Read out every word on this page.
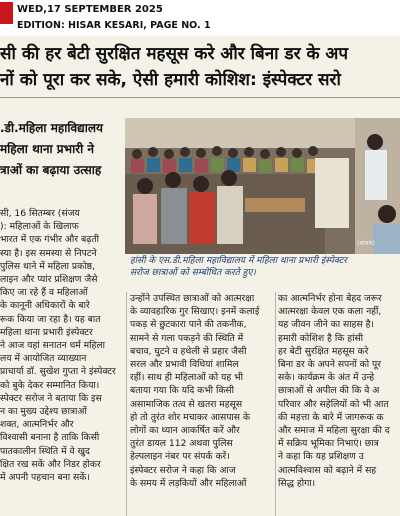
WED,17 SEPTEMBER 2025
EDITION: HISAR KESARI, PAGE NO. 1
सी की हर बेटी सुरक्षित महसूस करे और बिना डर के अप
नों को पूरा कर सके, ऐसी हमारी कोशिश: इंस्पेक्टर सरो
.डी.महिला महाविद्यालय
महिला थाना प्रभारी ने
त्राओं का बढ़ाया उत्साह
(संजय)
हांसी के एस.डी.महिला महाविद्यालय में महिला थाना प्रभारी इंस्पेक्टर
सरोज छात्राओं को सम्बोधित करते हुए।
सी, 16 सितम्बर (संजय
): महिलाओं के खिलाफ
भारत में एक गंभीर और बढ़ती
स्या है। इस समस्या से निपटने
पुलिस थाने में महिला प्रकोष्ठ,
लाइन और प्यांर प्रशिक्षण जैसे
किए जा रहे हैं व महिलाओं
के कानूनी अधिकारों के बारे
रूक किया जा रहा है। यह बात
महिला थाना प्रभारी इंस्पेक्टर
ने आज यहां सनातन धर्म महिला
लय में आयोजित व्याख्यान
प्राचार्या डॉ. सुखेश गुप्ता ने इंस्पेक्टर
को बुके देकर सम्मानित किया।
स्पेक्टर सरोज ने बताया कि इस
न का मुख्य उद्देश्य छात्राओं
शक्त, आत्मनिर्भर और
विश्वासी बनाना है ताकि किसी
पातकालीन स्थिति में वे खुद
क्षित रख सकें और निडर होकर
में अपनी पहचान बना सकें।
उन्होंने उपस्थित छात्राओं को आत्मरक्षा
के व्यावहारिक गुर सिखाए। इनमें कलाई
पकड़ से छुटकारा पाने की तकनीक,
सामने से गला पकड़ने की स्थिति में
बचाव, घुटने व हथेली से प्रहार जैसी
सरल और प्रभावी विधियां शामिल
रहीं। साथ ही महिलाओं को यह भी
बताया गया कि यदि कभी किसी
असामाजिक तत्व से खतरा महसूस
हो तो तुरंत शोर मचाकर आसपास के
लोगों का ध्यान आकर्षित करें और
तुरंत डायल 112 अथवा पुलिस
हेल्पलाइन नंबर पर संपर्क करें।
इंस्पेक्टर सरोज ने कहा कि आज
के समय में लड़कियों और महिलाओं
का आत्मनिर्भर होना बेहद जरूर
आत्मरक्षा केवल एक कला नहीं,
यह जीवन जीने का साहस है।
हमारी कोशिश है कि हांसी
हर बेटी सुरक्षित महसूस करे
बिना डर के अपने सपनों को पूर
सके। कार्यक्रम के अंत में उन्हे
छात्राओं से अपील की कि वे अ
परिवार और सहेलियों को भी आत
की महत्ता के बारे में जागरूक क
और समाज में महिला सुरक्षा की द
में सक्रिय भूमिका निभाएं। छात्र
ने कहा कि यह प्रशिक्षण उ
आत्मविश्वास को बढ़ाने में सह
सिद्ध होगा।
